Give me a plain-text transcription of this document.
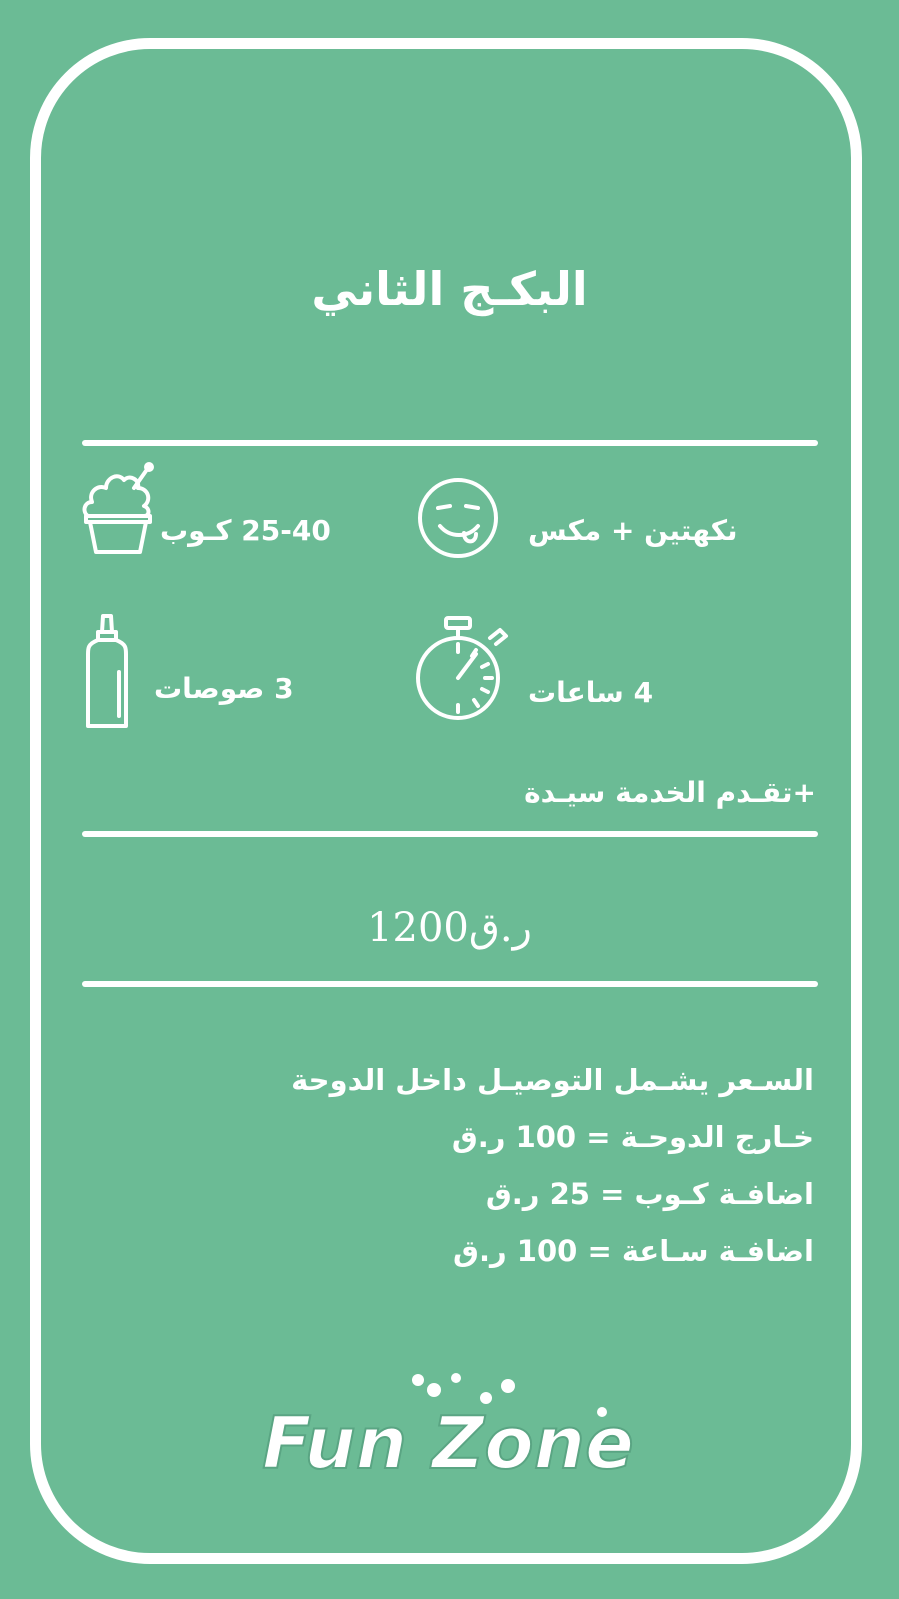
البكـج الثاني
25-40 كـوب	نكهتين + مكس
3 صوصات	4 ساعات
+تقـدم الخدمة سيـدة
1200ر.ق
السـعر يشـمل التوصيـل داخل الدوحة
خـارج الدوحـة = 100 ر.ق
اضافـة كـوب = 25 ر.ق
اضافـة سـاعة = 100 ر.ق
Fun Zone
